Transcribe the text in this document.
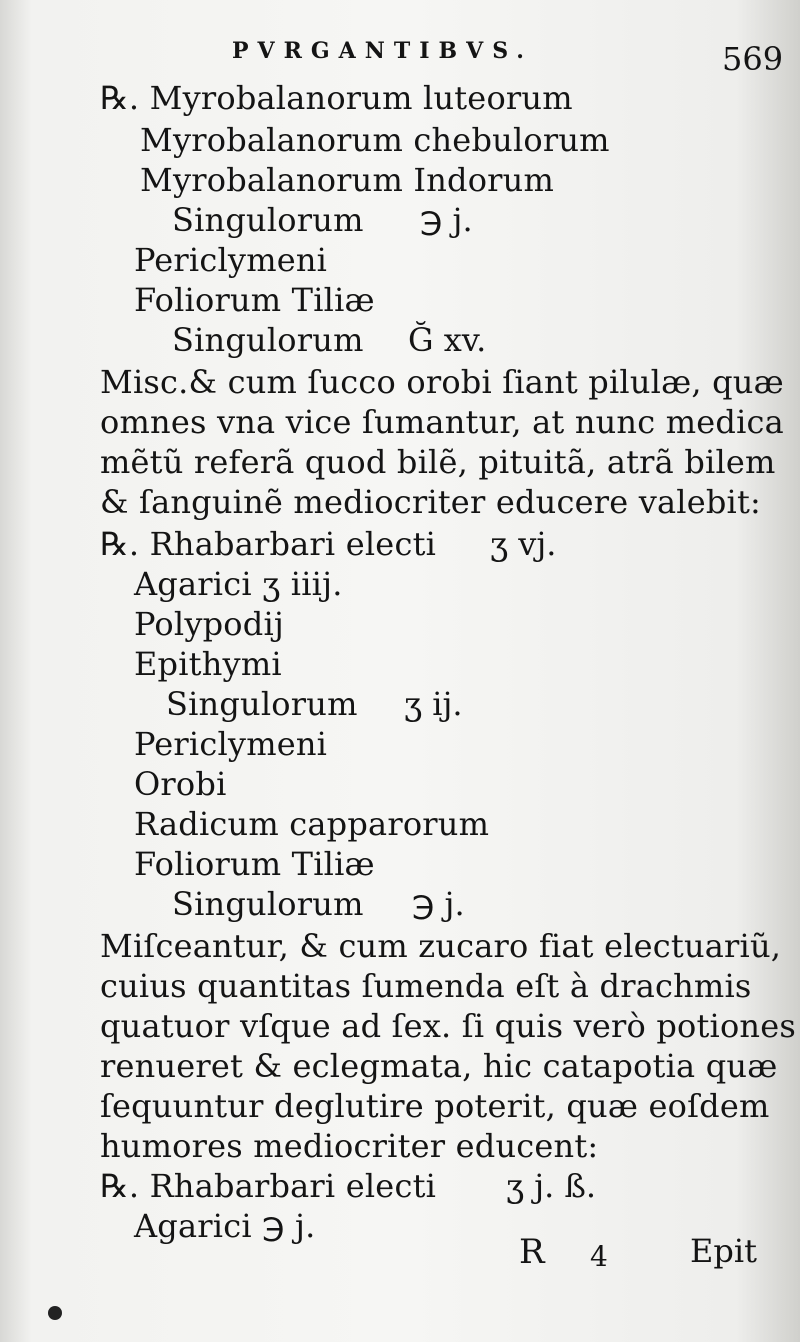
PVRGANTIBVS.	569
℞. Myrobalanorum luteorum
Myrobalanorum chebulorum
Myrobalanorum Indorum
Singulorum ℈ j.
Periclymeni
Foliorum Tiliæ
Singulorum Ğ xv.
Misc.& cum ſucco orobi ſiant pilulæ, quæ
omnes vna vice ſumantur, at nunc medica
mẽtũ referã quod bilẽ, pituitã, atrã bilem
& ſanguinẽ mediocriter educere valebit:
℞. Rhabarbari electi ʒ vj.
Agarici ʒ iiij.
Polypodij
Epithymi
Singulorum ʒ ij.
Periclymeni
Orobi
Radicum capparorum
Foliorum Tiliæ
Singulorum ℈ j.
Miſceantur, & cum zucaro fiat electuariũ,
cuius quantitas ſumenda eſt à drachmis
quatuor vſque ad ſex. ſi quis verò potiones
renueret & eclegmata, hic catapotia quæ
ſequuntur deglutire poterit, quæ eoſdem
humores mediocriter educent:
℞. Rhabarbari electi ʒ j. ß.
Agarici ℈ j.
R 4	Epit
